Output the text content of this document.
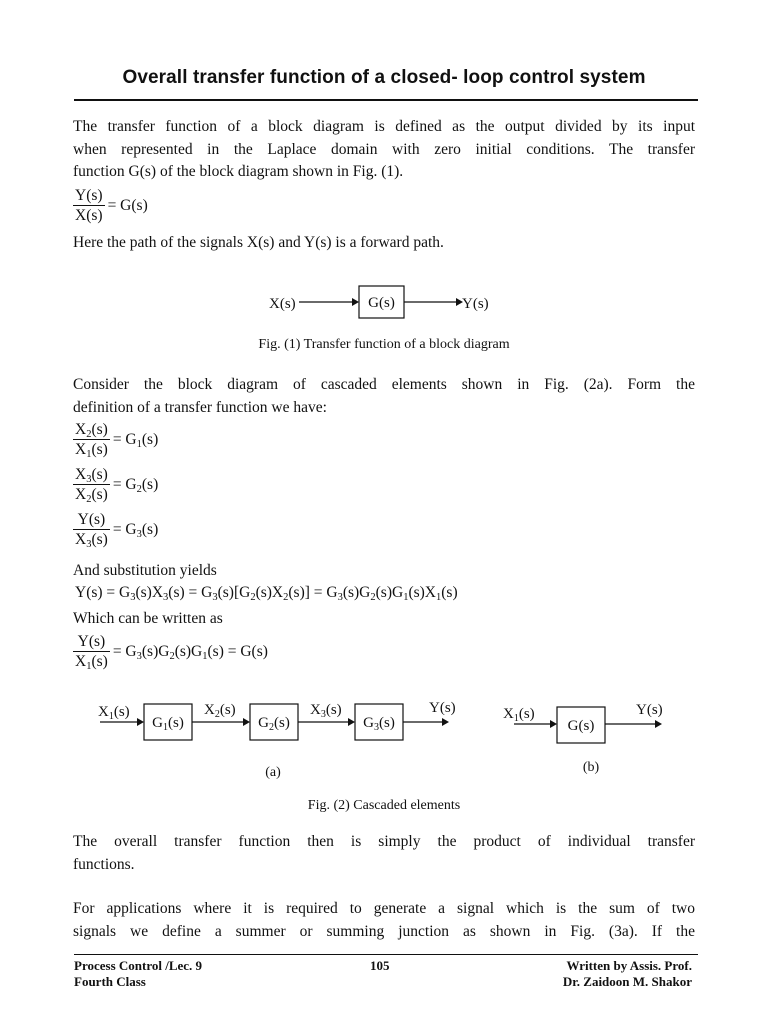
Overall transfer function of a closed- loop control system
The transfer function of a block diagram is defined as the output divided by its input
when represented in the Laplace domain with zero initial conditions. The transfer
function G(s) of the block diagram shown in Fig. (1).
$\frac{Y(s)}{X(s)} = G(s)$
Here the path of the signals X(s) and Y(s) is a forward path.
X(s)	G(s)	Y(s)
Fig. (1) Transfer function of a block diagram
Consider the block diagram of cascaded elements shown in Fig. (2a). Form the
definition of a transfer function we have:
$\frac{X_2(s)}{X_1(s)} = G_1(s)$
$\frac{X_3(s)}{X_2(s)} = G_2(s)$
$\frac{Y(s)}{X_3(s)} = G_3(s)$
And substitution yields
$Y(s) = G_3(s)X_3(s) = G_3(s)[G_2(s)X_2(s)] = G_3(s)G_2(s)G_1(s)X_1(s)$
Which can be written as
$\frac{Y(s)}{X_1(s)} = G_3(s)G_2(s)G_1(s) = G(s)$
$X_1(s)$
$G_1(s)$
$X_2(s)$
$G_2(s)$
$X_3(s)$
$G_3(s)$
Y(s)
(a)
$X_1(s)$
G(s)
Y(s)
(b)
Fig. (2) Cascaded elements
The overall transfer function then is simply the product of individual transfer
functions.
For applications where it is required to generate a signal which is the sum of two
signals we define a summer or summing junction as shown in Fig. (3a). If the
Process Control /Lec. 9
Fourth Class
105	Written by Assis. Prof.
Dr. Zaidoon M. Shakor
